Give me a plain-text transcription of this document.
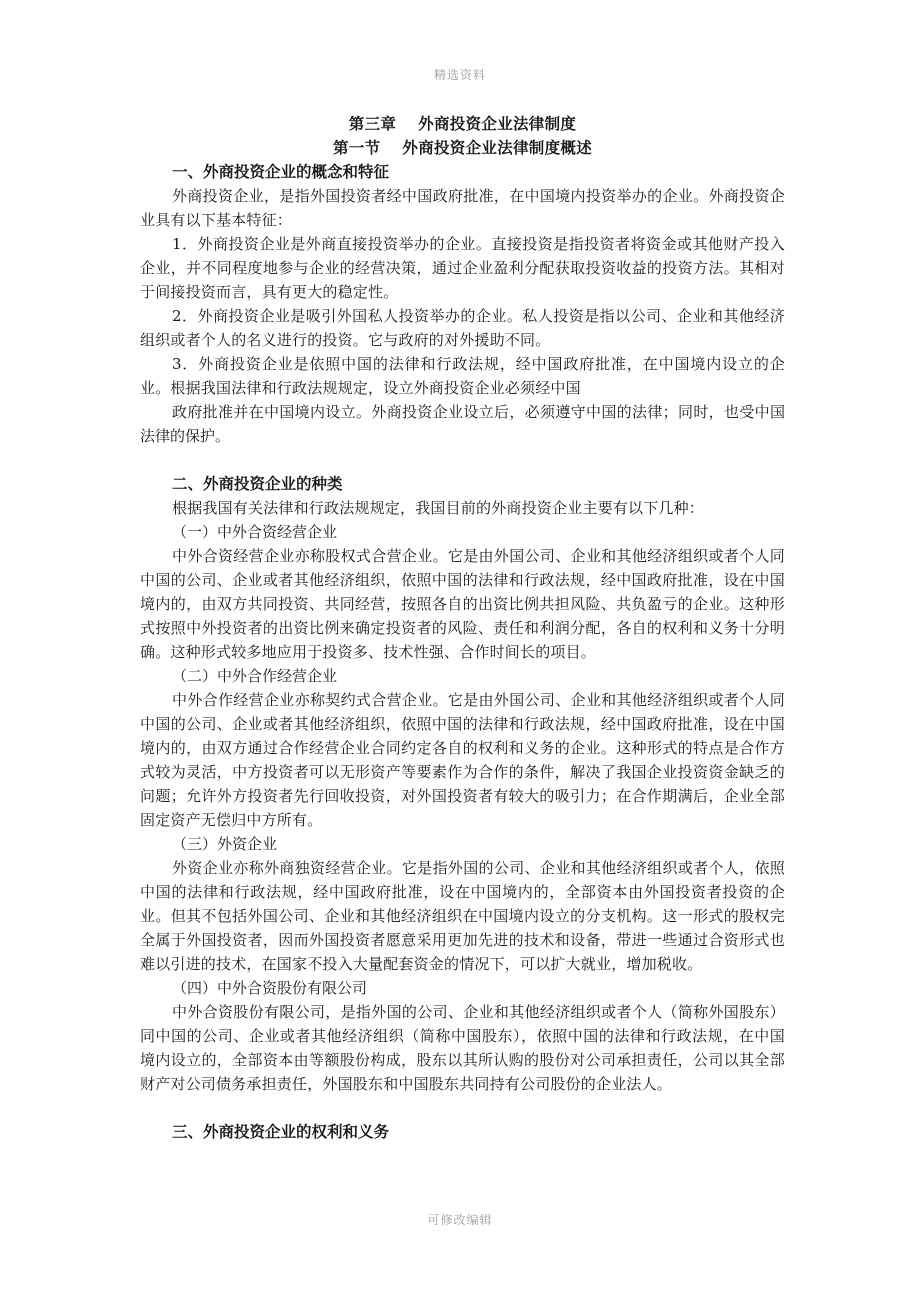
精选资料
第三章 外商投资企业法律制度
第一节 外商投资企业法律制度概述
一、外商投资企业的概念和特征

外商投资企业，是指外国投资者经中国政府批准，在中国境内投资举办的企业。外商投资企业具有以下基本特征：

1．外商投资企业是外商直接投资举办的企业。直接投资是指投资者将资金或其他财产投入企业，并不同程度地参与企业的经营决策，通过企业盈利分配获取投资收益的投资方法。其相对于间接投资而言，具有更大的稳定性。

2．外商投资企业是吸引外国私人投资举办的企业。私人投资是指以公司、企业和其他经济组织或者个人的名义进行的投资。它与政府的对外援助不同。

3．外商投资企业是依照中国的法律和行政法规，经中国政府批准，在中国境内设立的企业。根据我国法律和行政法规规定，设立外商投资企业必须经中国

政府批准并在中国境内设立。外商投资企业设立后，必须遵守中国的法律；同时，也受中国法律的保护。

二、外商投资企业的种类

根据我国有关法律和行政法规规定，我国目前的外商投资企业主要有以下几种：

（一）中外合资经营企业

中外合资经营企业亦称股权式合营企业。它是由外国公司、企业和其他经济组织或者个人同中国的公司、企业或者其他经济组织，依照中国的法律和行政法规，经中国政府批准，设在中国境内的，由双方共同投资、共同经营，按照各自的出资比例共担风险、共负盈亏的企业。这种形式按照中外投资者的出资比例来确定投资者的风险、责任和利润分配，各自的权利和义务十分明确。这种形式较多地应用于投资多、技术性强、合作时间长的项目。

（二）中外合作经营企业

中外合作经营企业亦称契约式合营企业。它是由外国公司、企业和其他经济组织或者个人同中国的公司、企业或者其他经济组织，依照中国的法律和行政法规，经中国政府批准，设在中国境内的，由双方通过合作经营企业合同约定各自的权利和义务的企业。这种形式的特点是合作方式较为灵活，中方投资者可以无形资产等要素作为合作的条件，解决了我国企业投资资金缺乏的问题；允许外方投资者先行回收投资，对外国投资者有较大的吸引力；在合作期满后，企业全部固定资产无偿归中方所有。

（三）外资企业

外资企业亦称外商独资经营企业。它是指外国的公司、企业和其他经济组织或者个人，依照中国的法律和行政法规，经中国政府批准，设在中国境内的，全部资本由外国投资者投资的企业。但其不包括外国公司、企业和其他经济组织在中国境内设立的分支机构。这一形式的股权完全属于外国投资者，因而外国投资者愿意采用更加先进的技术和设备，带进一些通过合资形式也难以引进的技术，在国家不投入大量配套资金的情况下，可以扩大就业，增加税收。

（四）中外合资股份有限公司

中外合资股份有限公司，是指外国的公司、企业和其他经济组织或者个人（简称外国股东）同中国的公司、企业或者其他经济组织（简称中国股东），依照中国的法律和行政法规，在中国境内设立的，全部资本由等额股份构成，股东以其所认购的股份对公司承担责任，公司以其全部财产对公司债务承担责任，外国股东和中国股东共同持有公司股份的企业法人。

三、外商投资企业的权利和义务
可修改编辑
